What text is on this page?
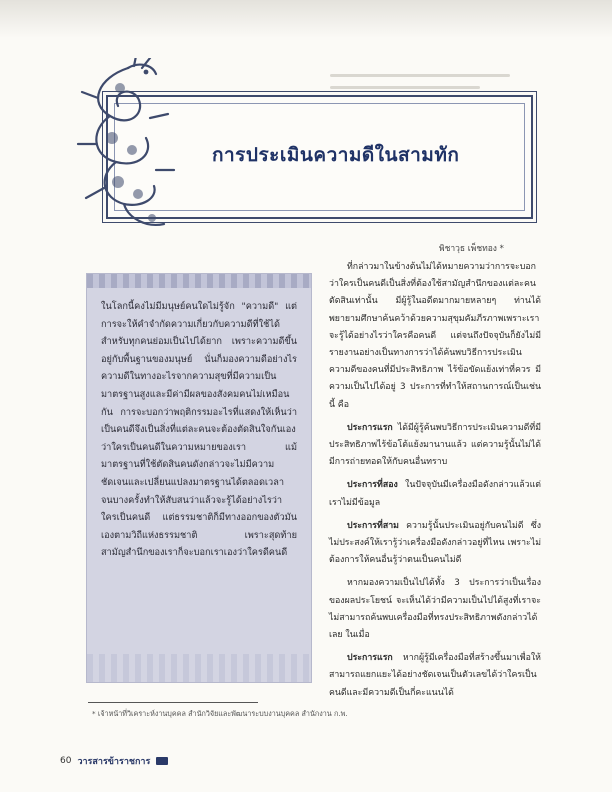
การประเมินความดีในสามทัก
พิชาวุธ เพ็ชทอง *
ในโลกนี้คงไม่มีมนุษย์คนใดไม่รู้จัก "ความดี" แต่การจะให้คำจำกัดความเกี่ยวกับความดีที่ใช้ได้สำหรับทุกคนย่อมเป็นไปได้ยาก เพราะความดีขึ้นอยู่กับพื้นฐานของมนุษย์ นั่นก็มองความดีอย่างไร ความดีในทางอะไรจากความสุขที่มีความเป็นมาตรฐานสูงและมีค่ามีผลของสังคมคนไม่เหมือนกัน การจะบอกว่าพฤติกรรมอะไรที่แสดงให้เห็นว่าเป็นคนดีจึงเป็นสิ่งที่แต่ละคนจะต้องตัดสินใจกันเองว่าใครเป็นคนดีในความหมายของเรา แม้มาตรฐานที่ใช้ตัดสินคนดังกล่าวจะไม่มีความชัดเจนและเปลี่ยนแปลงมาตรฐานได้ตลอดเวลา จนบางครั้งทำให้สับสนว่าแล้วจะรู้ได้อย่างไรว่าใครเป็นคนดี แต่ธรรมชาติก็มีทางออกของตัวมันเองตามวิถีแห่งธรรมชาติ เพราะสุดท้ายสามัญสำนึกของเราก็จะบอกเราเองว่าใครดีคนดี

ที่กล่าวมาในข้างต้นไม่ได้หมายความว่าการจะบอกว่าใครเป็นคนดีเป็นสิ่งที่ต้องใช้สามัญสำนึกของแต่ละคนตัดสินเท่านั้น มีผู้รู้ในอดีตมากมายหลายๆ ท่านได้พยายามศึกษาค้นคว้าด้วยความสุขุมคัมภีรภาพเพราะเราจะรู้ได้อย่างไรว่าใครคือคนดี แต่จนถึงปัจจุบันก็ยังไม่มีรายงานอย่างเป็นทางการว่าได้ค้นพบวิธีการประเมินความดีของคนที่มีประสิทธิภาพ ไร้ข้อขัดแย้งเท่าที่ควร มีความเป็นไปได้อยู่ 3 ประการที่ทำให้สถานการณ์เป็นเช่นนี้ คือ

ประการแรก ได้มีผู้รู้ค้นพบวิธีการประเมินความดีที่มีประสิทธิภาพไร้ข้อโต้แย้งมานานแล้ว แต่ความรู้นั้นไม่ได้มีการถ่ายทอดให้กับคนอื่นทราบ

ประการที่สอง ในปัจจุบันมีเครื่องมือดังกล่าวแล้วแต่เราไม่มีข้อมูล

ประการที่สาม ความรู้นั้นประเมินอยู่กับคนไม่ดี ซึ่งไม่ประสงค์ให้เรารู้ว่าเครื่องมือดังกล่าวอยู่ที่ไหน เพราะไม่ต้องการให้คนอื่นรู้ว่าตนเป็นคนไม่ดี

หากมองความเป็นไปได้ทั้ง 3 ประการว่าเป็นเรื่องของผลประโยชน์ จะเห็นได้ว่ามีความเป็นไปได้สูงที่เราจะไม่สามารถค้นพบเครื่องมือที่ทรงประสิทธิภาพดังกล่าวได้เลย ในเมื่อ

ประการแรก หากผู้รู้มีเครื่องมือที่สร้างขึ้นมาเพื่อให้สามารถแยกแยะได้อย่างชัดเจนเป็นตัวเลขได้ว่าใครเป็นคนดีและมีความดีเป็นกี่คะแนนได้

* เจ้าหน้าที่วิเคราะห์งานบุคคล สำนักวิจัยและพัฒนาระบบงานบุคคล สำนักงาน ก.พ.
60 วารสารข้าราชการ
